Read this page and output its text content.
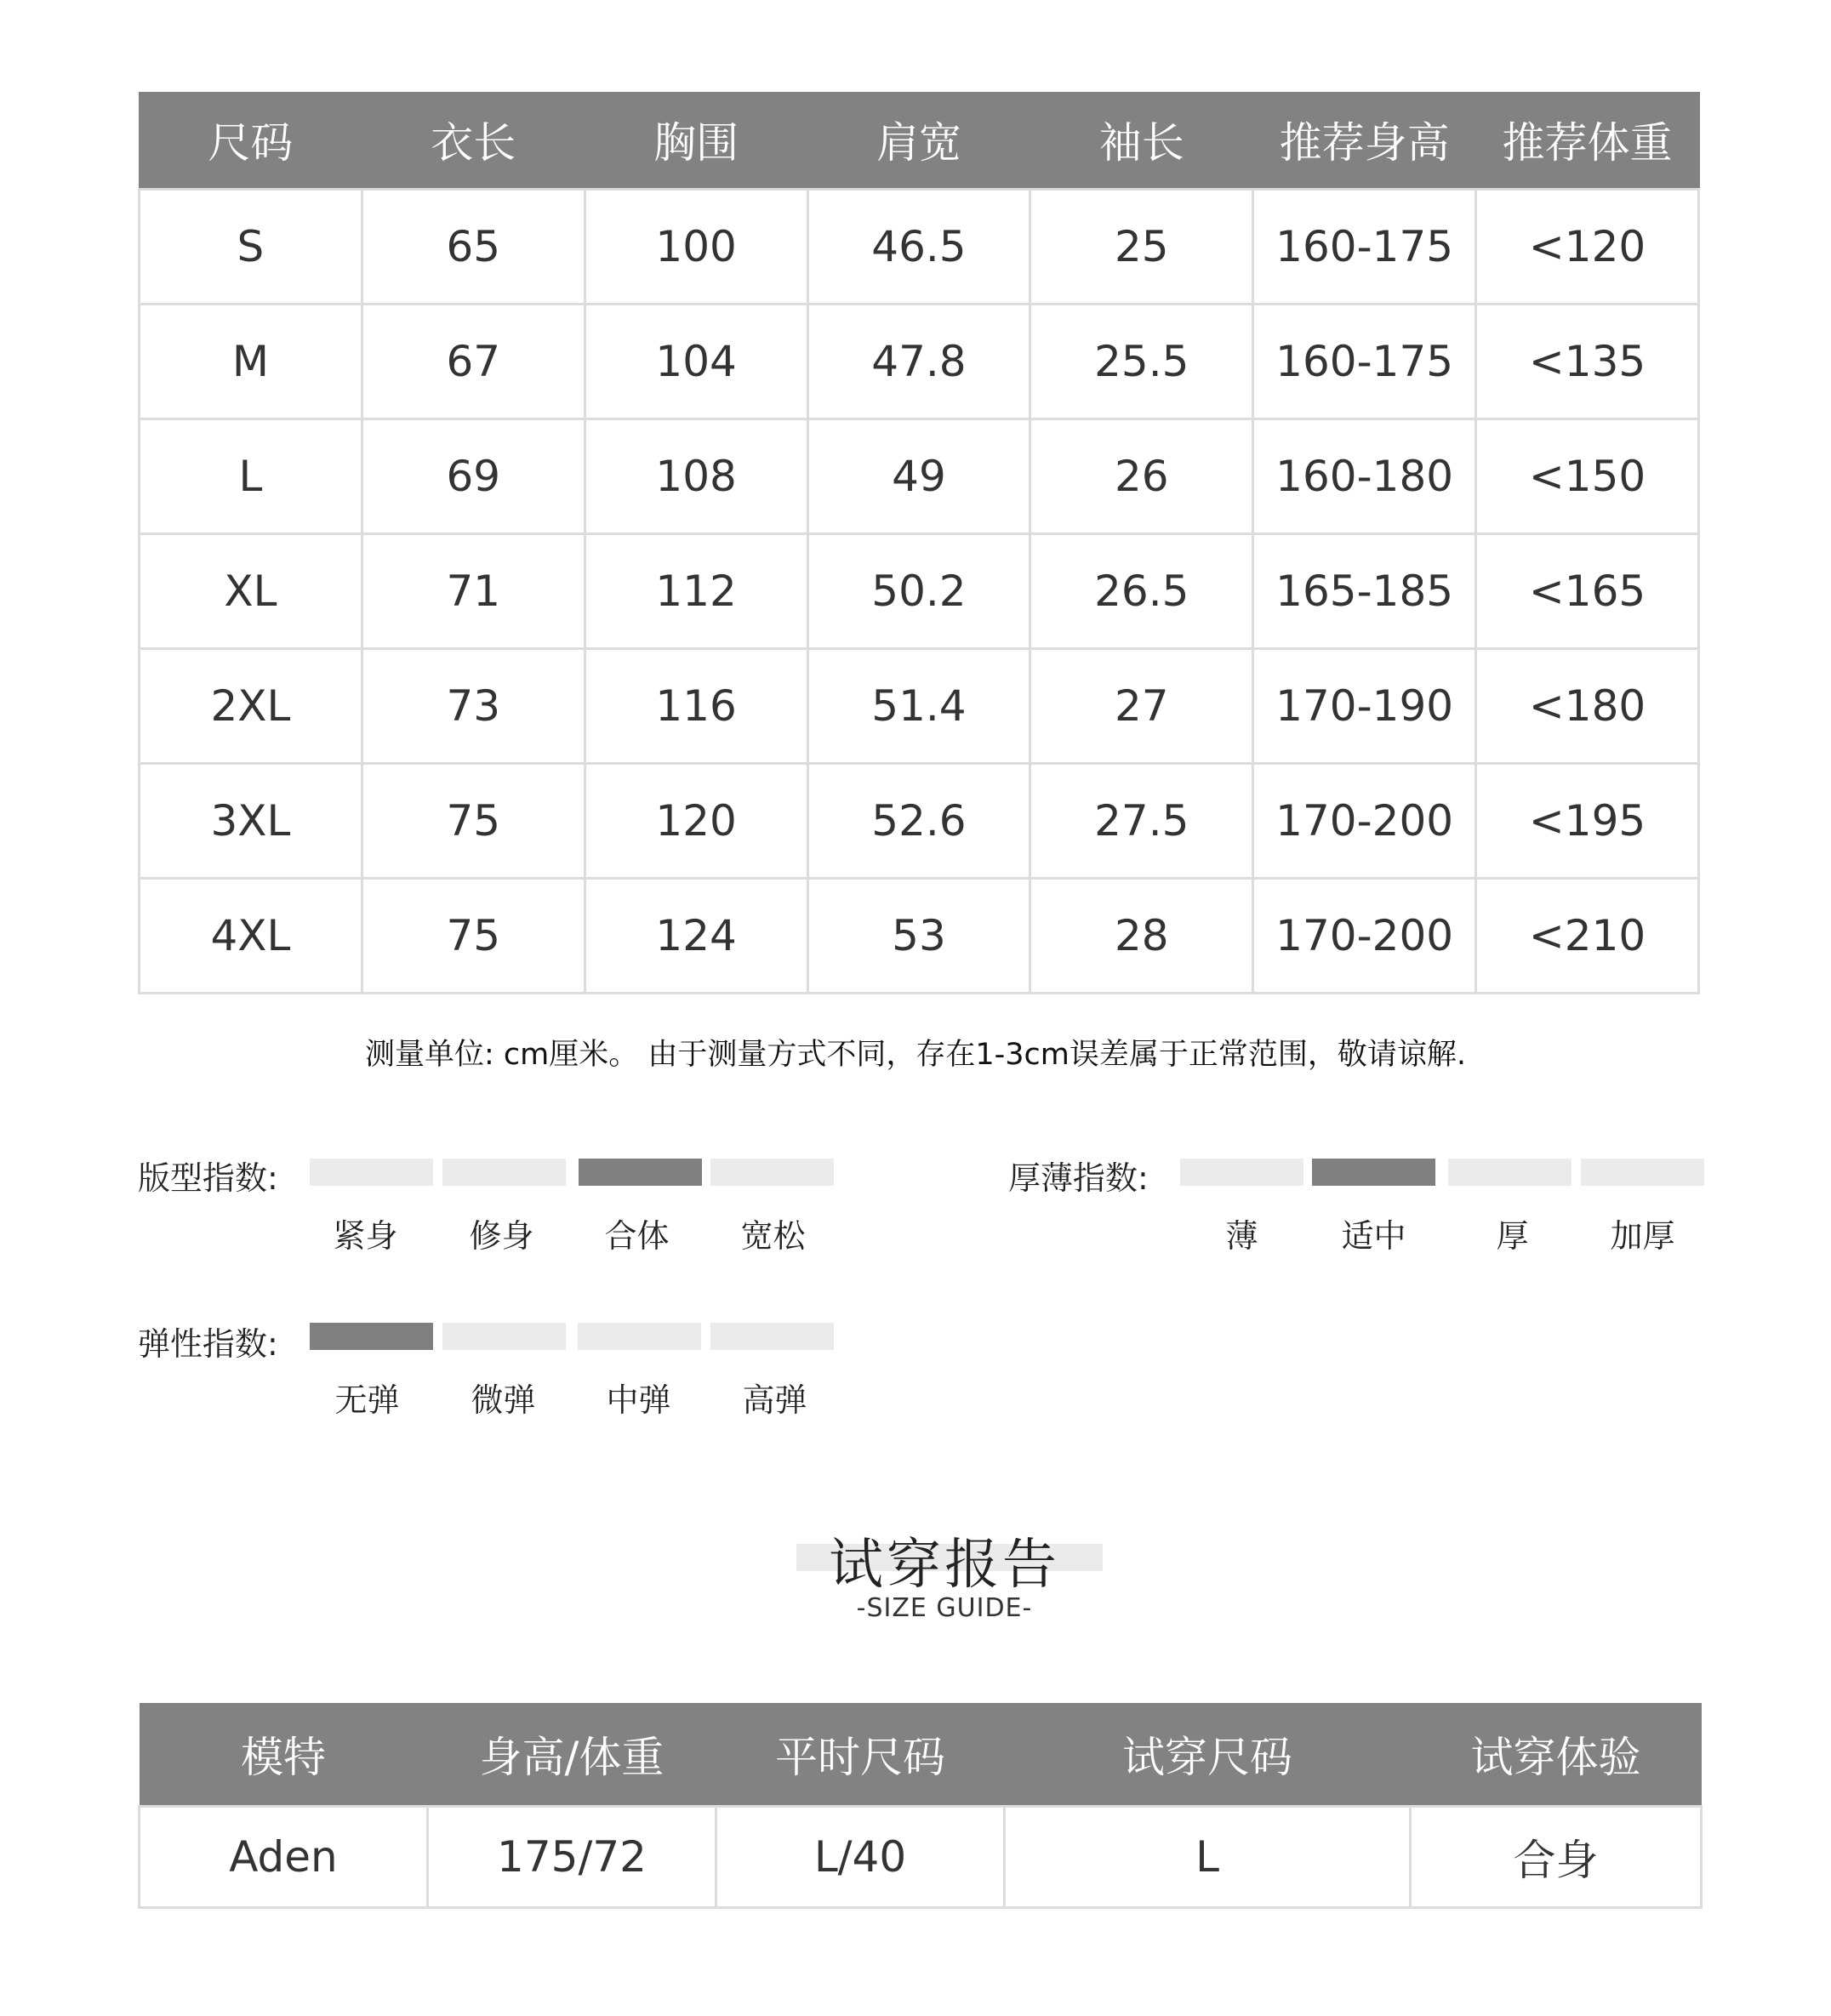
尺码	衣长	胸围	肩宽	袖长	推荐身高	推荐体重
S	65	100	46.5	25	160-175	<120
M	67	104	47.8	25.5	160-175	<135
L	69	108	49	26	160-180	<150
XL	71	112	50.2	26.5	165-185	<165
2XL	73	116	51.4	27	170-190	<180
3XL	75	120	52.6	27.5	170-200	<195
4XL	75	124	53	28	170-200	<210
测量单位: cm厘米。 由于测量方式不同，存在1-3cm误差属于正常范围，敬请谅解.
版型指数:
紧身	修身	合体	宽松
厚薄指数:
薄	适中	厚	加厚
弹性指数:
无弹	微弹	中弹	高弹
试穿报告
-SIZE GUIDE-
模特	身高/体重	平时尺码	试穿尺码	试穿体验
Aden	175/72	L/40	L	合身
